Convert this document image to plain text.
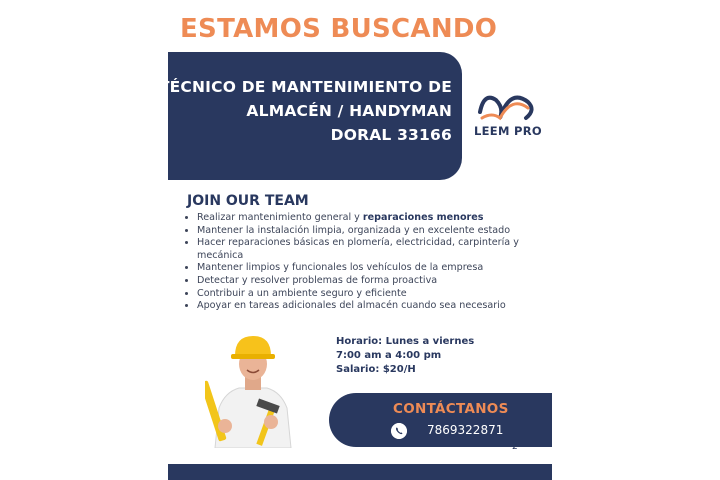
ESTAMOS BUSCANDO
TÉCNICO DE MANTENIMIENTO DE
ALMACÉN / HANDYMAN
DORAL 33166 LEEM PRO
JOIN OUR TEAM
• Realizar mantenimiento general y reparaciones menores
• Mantener la instalación limpia, organizada y en excelente estado
• Hacer reparaciones básicas en plomería, electricidad, carpintería y mecánica
• Mantener limpios y funcionales los vehículos de la empresa
• Detectar y resolver problemas de forma proactiva
• Contribuir a un ambiente seguro y eficiente
• Apoyar en tareas adicionales del almacén cuando sea necesario
Horario: Lunes a viernes
7:00 am a 4:00 pm
Salario: $20/H
CONTÁCTANOS
7869322871
2
